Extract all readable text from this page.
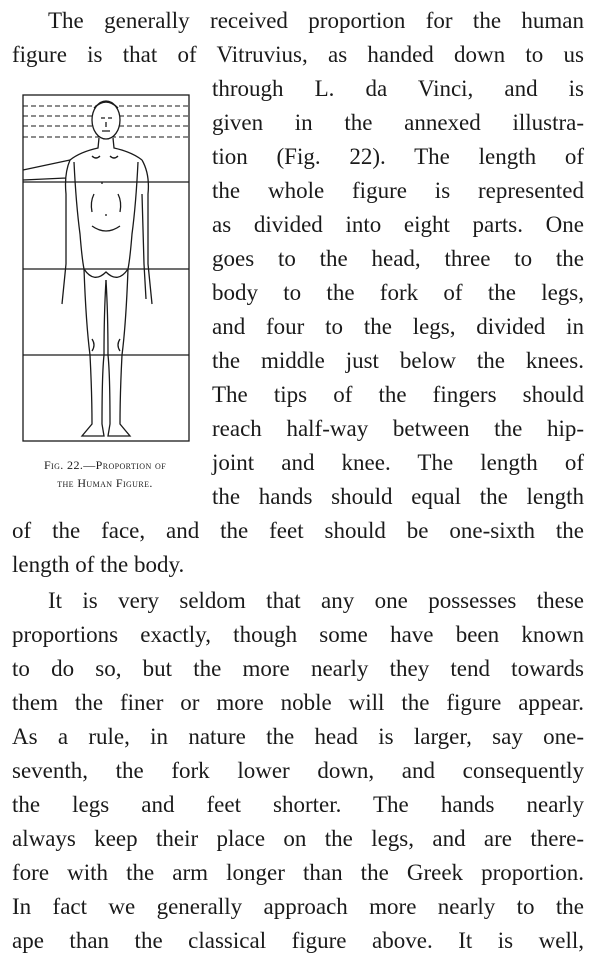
Fig. 22.—Proportion of
the Human Figure.
The generally received proportion for the human
figure is that of Vitruvius, as handed down to us
through L. da Vinci, and is
given in the annexed illustra-
tion (Fig. 22). The length of
the whole figure is represented
as divided into eight parts. One
goes to the head, three to the
body to the fork of the legs,
and four to the legs, divided in
the middle just below the knees.
The tips of the fingers should
reach half-way between the hip-
joint and knee. The length of
the hands should equal the length
of the face, and the feet should be one-sixth the
length of the body.
It is very seldom that any one possesses these
proportions exactly, though some have been known
to do so, but the more nearly they tend towards
them the finer or more noble will the figure appear.
As a rule, in nature the head is larger, say one-
seventh, the fork lower down, and consequently
the legs and feet shorter. The hands nearly
always keep their place on the legs, and are there-
fore with the arm longer than the Greek proportion.
In fact we generally approach more nearly to the
ape than the classical figure above. It is well,
